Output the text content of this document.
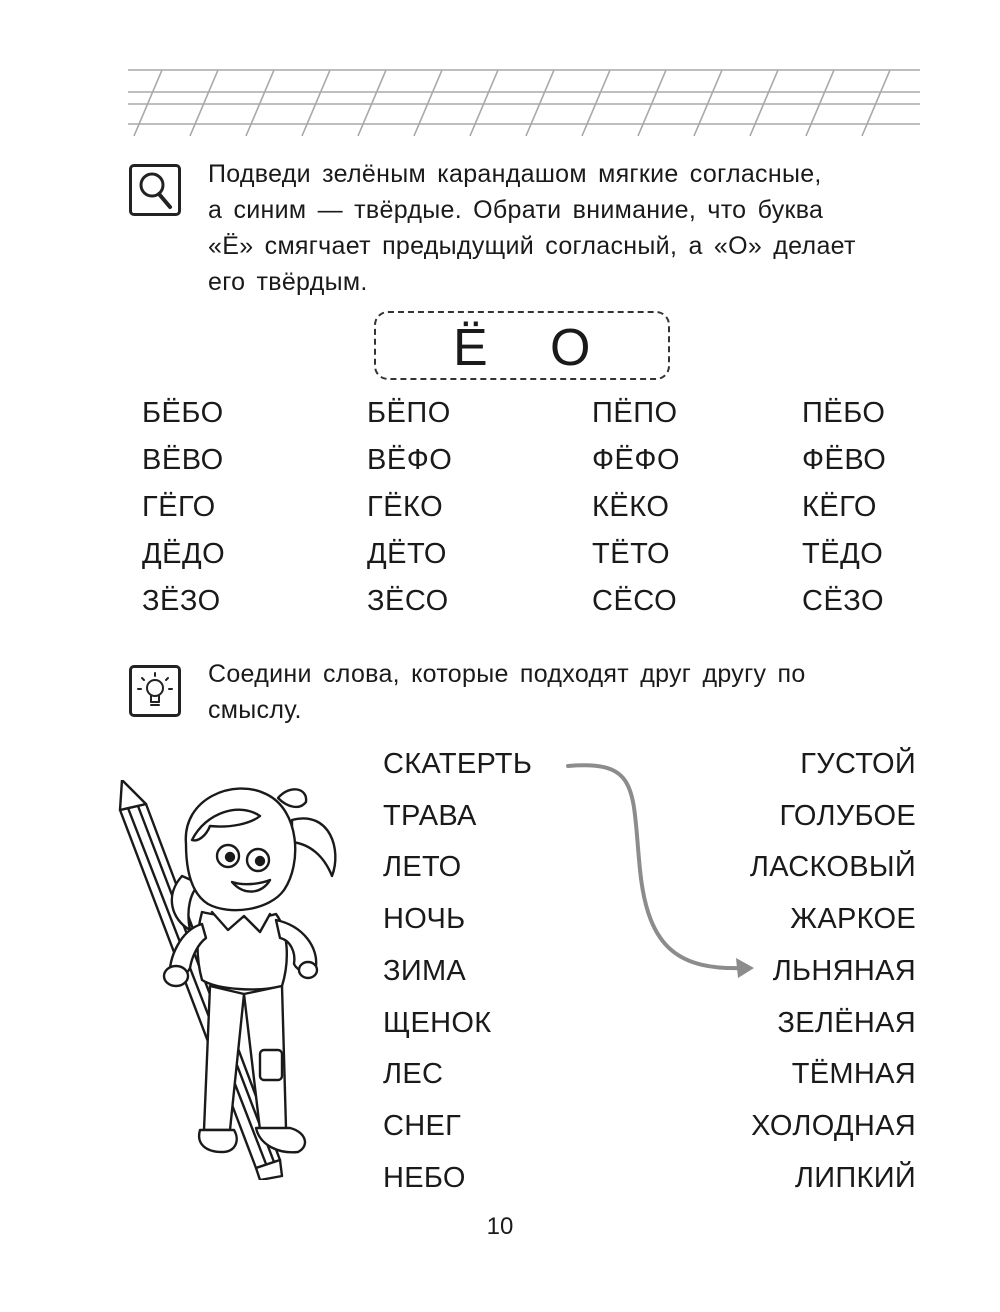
Подведи зелёным карандашом мягкие согласные,
а синим — твёрдые. Обрати внимание, что буква
«Ё» смягчает предыдущий согласный, а «О» делает
его твёрдым.
Ё О
БЁБО	БЁПО	ПЁПО	ПЁБО
ВЁВО	ВЁФО	ФЁФО	ФЁВО
ГЁГО	ГЁКО	КЁКО	КЁГО
ДЁДО	ДЁТО	ТЁТО	ТЁДО
ЗЁЗО	ЗЁСО	СЁСО	СЁЗО
Соедини слова, которые подходят друг другу по
смыслу.
СКАТЕРТЬ
ТРАВА
ЛЕТО
НОЧЬ
ЗИМА
ЩЕНОК
ЛЕС
СНЕГ
НЕБО
ГУСТОЙ
ГОЛУБОЕ
ЛАСКОВЫЙ
ЖАРКОЕ
ЛЬНЯНАЯ
ЗЕЛЁНАЯ
ТЁМНАЯ
ХОЛОДНАЯ
ЛИПКИЙ
10
